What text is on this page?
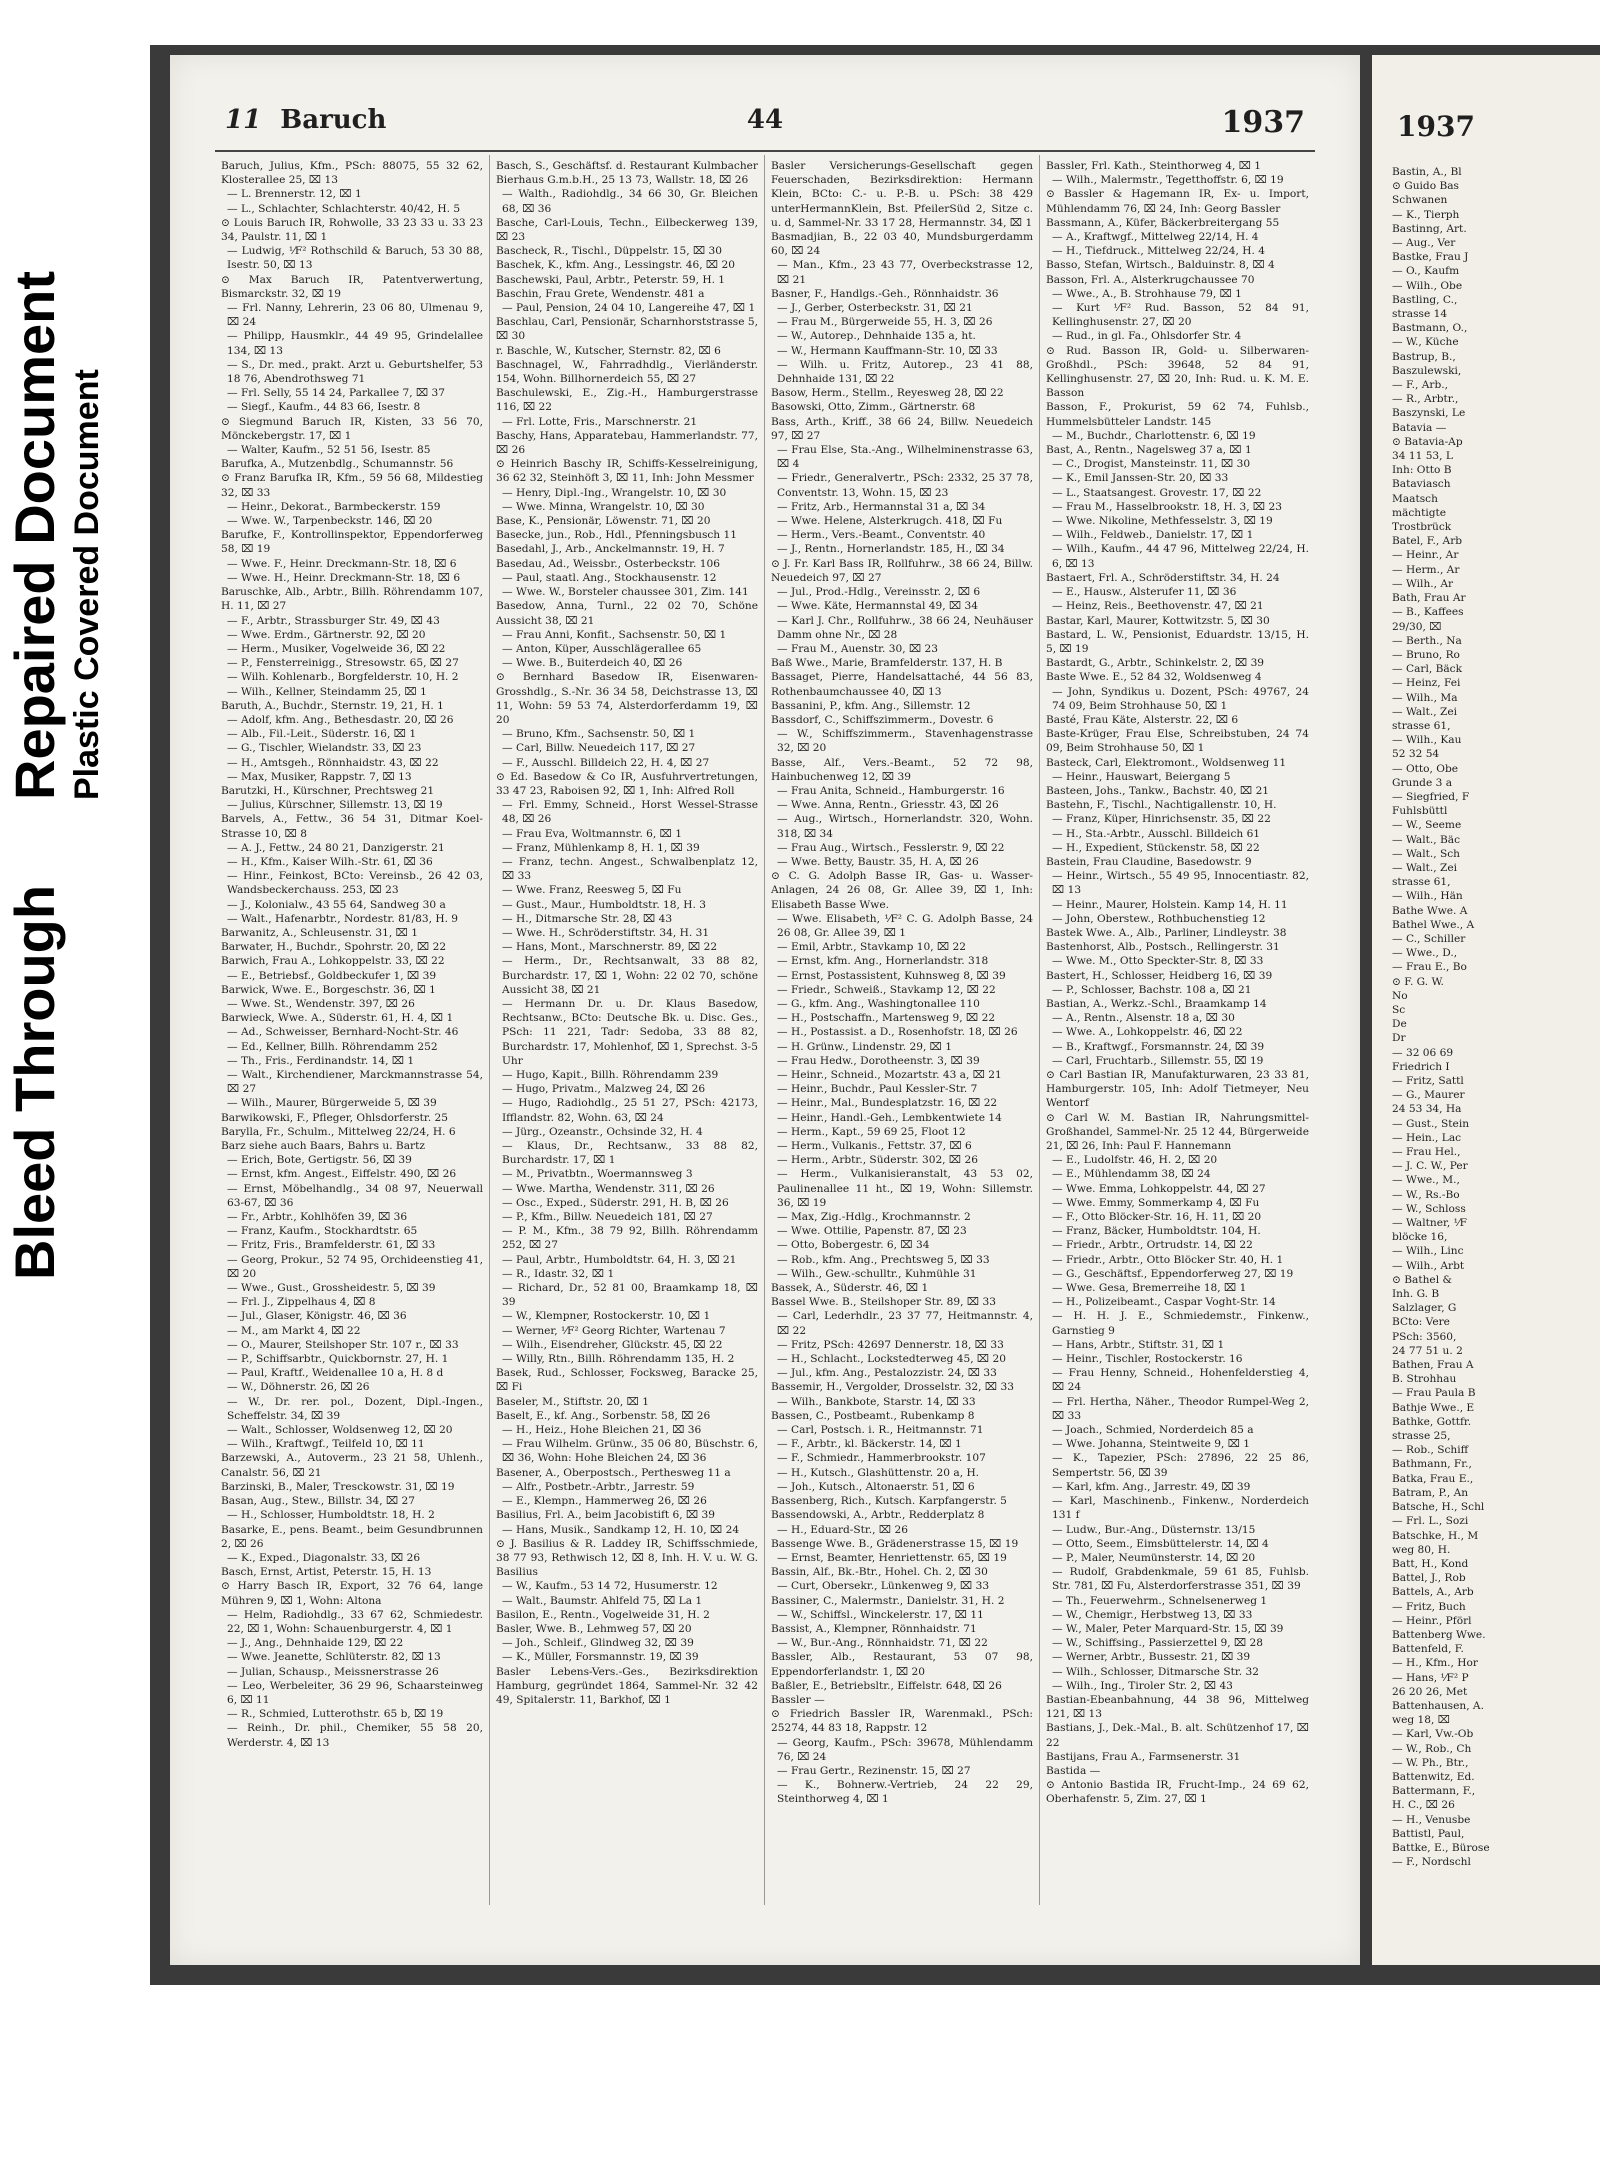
Bleed Through
Repaired Document Plastic Covered Document
11 Baruch	44	1937

Baruch, Julius, Kfm., PSch: 88075, 55 32 62, Klosterallee 25, ⌧ 13

— L. Brennerstr. 12, ⌧ 1

— L., Schlachter, Schlachterstr. 40/42, H. 5

⊙ Louis Baruch IR, Rohwolle, 33 23 33 u. 33 23 34, Paulstr. 11, ⌧ 1

— Ludwig, ⅟F² Rothschild & Baruch, 53 30 88, Isestr. 50, ⌧ 13

⊙ Max Baruch IR, Patentverwertung, Bismarckstr. 32, ⌧ 19

— Frl. Nanny, Lehrerin, 23 06 80, Ulmenau 9, ⌧ 24

— Philipp, Hausmklr., 44 49 95, Grindelallee 134, ⌧ 13

— S., Dr. med., prakt. Arzt u. Geburtshelfer, 53 18 76, Abendrothsweg 71

— Frl. Selly, 55 14 24, Parkallee 7, ⌧ 37

— Siegf., Kaufm., 44 83 66, Isestr. 8

⊙ Siegmund Baruch IR, Kisten, 33 56 70, Mönckebergstr. 17, ⌧ 1

— Walter, Kaufm., 52 51 56, Isestr. 85

Barufka, A., Mutzenbdlg., Schumannstr. 56

⊙ Franz Barufka IR, Kfm., 59 56 68, Mildestieg 32, ⌧ 33

— Heinr., Dekorat., Barmbeckerstr. 159

— Wwe. W., Tarpenbeckstr. 146, ⌧ 20

Barufke, F., Kontrollinspektor, Eppendorferweg 58, ⌧ 19

— Wwe. F., Heinr. Dreckmann-Str. 18, ⌧ 6

— Wwe. H., Heinr. Dreckmann-Str. 18, ⌧ 6

Baruschke, Alb., Arbtr., Billh. Röhrendamm 107, H. 11, ⌧ 27

— F., Arbtr., Strassburger Str. 49, ⌧ 43

— Wwe. Erdm., Gärtnerstr. 92, ⌧ 20

— Herm., Musiker, Vogelweide 36, ⌧ 22

— P., Fensterreinigg., Stresowstr. 65, ⌧ 27

— Wilh. Kohlenarb., Borgfelderstr. 10, H. 2

— Wilh., Kellner, Steindamm 25, ⌧ 1

Baruth, A., Buchdr., Sternstr. 19, 21, H. 1

— Adolf, kfm. Ang., Bethesdastr. 20, ⌧ 26

— Alb., Fil.-Leit., Süderstr. 16, ⌧ 1

— G., Tischler, Wielandstr. 33, ⌧ 23

— H., Amtsgeh., Rönnhaidstr. 43, ⌧ 22

— Max, Musiker, Rappstr. 7, ⌧ 13

Barutzki, H., Kürschner, Prechtsweg 21

— Julius, Kürschner, Sillemstr. 13, ⌧ 19

Barvels, A., Fettw., 36 54 31, Ditmar Koel-Strasse 10, ⌧ 8

— A. J., Fettw., 24 80 21, Danzigerstr. 21

— H., Kfm., Kaiser Wilh.-Str. 61, ⌧ 36

— Hinr., Feinkost, BCto: Vereinsb., 26 42 03, Wandsbeckerchauss. 253, ⌧ 23

— J., Kolonialw., 43 55 64, Sandweg 30 a

— Walt., Hafenarbtr., Nordestr. 81/83, H. 9

Barwanitz, A., Schleusenstr. 31, ⌧ 1

Barwater, H., Buchdr., Spohrstr. 20, ⌧ 22

Barwich, Frau A., Lohkoppelstr. 33, ⌧ 22

— E., Betriebsf., Goldbeckufer 1, ⌧ 39

Barwick, Wwe. E., Borgeschstr. 36, ⌧ 1

— Wwe. St., Wendenstr. 397, ⌧ 26

Barwieck, Wwe. A., Süderstr. 61, H. 4, ⌧ 1

— Ad., Schweisser, Bernhard-Nocht-Str. 46

— Ed., Kellner, Billh. Röhrendamm 252

— Th., Fris., Ferdinandstr. 14, ⌧ 1

— Walt., Kirchendiener, Marckmannstrasse 54, ⌧ 27

— Wilh., Maurer, Bürgerweide 5, ⌧ 39

Barwikowski, F., Pfleger, Ohlsdorferstr. 25

Barylla, Fr., Schulm., Mittelweg 22/24, H. 6

Barz siehe auch Baars, Bahrs u. Bartz

— Erich, Bote, Gertigstr. 56, ⌧ 39

— Ernst, kfm. Angest., Eiffelstr. 490, ⌧ 26

— Ernst, Möbelhandlg., 34 08 97, Neuerwall 63-67, ⌧ 36

— Fr., Arbtr., Kohlhöfen 39, ⌧ 36

— Franz, Kaufm., Stockhardtstr. 65

— Fritz, Fris., Bramfelderstr. 61, ⌧ 33

— Georg, Prokur., 52 74 95, Orchideenstieg 41, ⌧ 20

— Wwe., Gust., Grossheidestr. 5, ⌧ 39

— Frl. J., Zippelhaus 4, ⌧ 8

— Jul., Glaser, Königstr. 46, ⌧ 36

— M., am Markt 4, ⌧ 22

— O., Maurer, Steilshoper Str. 107 r., ⌧ 33

— P., Schiffsarbtr., Quickbornstr. 27, H. 1

— Paul, Kraftf., Weidenallee 10 a, H. 8 d

— W., Döhnerstr. 26, ⌧ 26

— W., Dr. rer. pol., Dozent, Dipl.-Ingen., Scheffelstr. 34, ⌧ 39

— Walt., Schlosser, Woldsenweg 12, ⌧ 20

— Wilh., Kraftwgf., Teilfeld 10, ⌧ 11

Barzewski, A., Autoverm., 23 21 58, Uhlenh., Canalstr. 56, ⌧ 21

Barzinski, B., Maler, Tresckowstr. 31, ⌧ 19

Basan, Aug., Stew., Billstr. 34, ⌧ 27

— H., Schlosser, Humboldtstr. 18, H. 2

Basarke, E., pens. Beamt., beim Gesundbrunnen 2, ⌧ 26

— K., Exped., Diagonalstr. 33, ⌧ 26

Basch, Ernst, Artist, Peterstr. 15, H. 13

⊙ Harry Basch IR, Export, 32 76 64, lange Mühren 9, ⌧ 1, Wohn: Altona

— Helm, Radiohdlg., 33 67 62, Schmiedestr. 22, ⌧ 1, Wohn: Schauenburgerstr. 4, ⌧ 1

— J., Ang., Dehnhaide 129, ⌧ 22

— Wwe. Jeanette, Schlüterstr. 82, ⌧ 13

— Julian, Schausp., Meissnerstrasse 26

— Leo, Werbeleiter, 36 29 96, Schaarsteinweg 6, ⌧ 11

— R., Schmied, Lutterothstr. 65 b, ⌧ 19

— Reinh., Dr. phil., Chemiker, 55 58 20, Werderstr. 4, ⌧ 13

Basch, S., Geschäftsf. d. Restaurant Kulmbacher Bierhaus G.m.b.H., 25 13 73, Wallstr. 18, ⌧ 26

— Walth., Radiohdlg., 34 66 30, Gr. Bleichen 68, ⌧ 36

Basche, Carl-Louis, Techn., Eilbeckerweg 139, ⌧ 23

Bascheck, R., Tischl., Düppelstr. 15, ⌧ 30

Baschek, K., kfm. Ang., Lessingstr. 46, ⌧ 20

Baschewski, Paul, Arbtr., Peterstr. 59, H. 1

Baschin, Frau Grete, Wendenstr. 481 a

— Paul, Pension, 24 04 10, Langereihe 47, ⌧ 1

Baschlau, Carl, Pensionär, Scharnhorststrasse 5, ⌧ 30

r. Baschle, W., Kutscher, Sternstr. 82, ⌧ 6

Baschnagel, W., Fahrradhdlg., Vierländerstr. 154, Wohn. Billhornerdeich 55, ⌧ 27

Baschulewski, E., Zig.-H., Hamburgerstrasse 116, ⌧ 22

— Frl. Lotte, Fris., Marschnerstr. 21

Baschy, Hans, Apparatebau, Hammerlandstr. 77, ⌧ 26

⊙ Heinrich Baschy IR, Schiffs-Kesselreinigung, 36 62 32, Steinhöft 3, ⌧ 11, Inh: John Messmer

— Henry, Dipl.-Ing., Wrangelstr. 10, ⌧ 30

— Wwe. Minna, Wrangelstr. 10, ⌧ 30

Base, K., Pensionär, Löwenstr. 71, ⌧ 20

Basecke, jun., Rob., Hdl., Pfenningsbusch 11

Basedahl, J., Arb., Anckelmannstr. 19, H. 7

Basedau, Ad., Weissbr., Osterbeckstr. 106

— Paul, staatl. Ang., Stockhausenstr. 12

— Wwe. W., Borsteler chaussee 301, Zim. 141

Basedow, Anna, Turnl., 22 02 70, Schöne Aussicht 38, ⌧ 21

— Frau Anni, Konfit., Sachsenstr. 50, ⌧ 1

— Anton, Küper, Ausschlägerallee 65

— Wwe. B., Buiterdeich 40, ⌧ 26

⊙ Bernhard Basedow IR, Eisenwaren-Grosshdlg., S.-Nr. 36 34 58, Deichstrasse 13, ⌧ 11, Wohn: 59 53 74, Alsterdorferdamm 19, ⌧ 20

— Bruno, Kfm., Sachsenstr. 50, ⌧ 1

— Carl, Billw. Neuedeich 117, ⌧ 27

— F., Ausschl. Billdeich 22, H. 4, ⌧ 27

⊙ Ed. Basedow & Co IR, Ausfuhrvertretungen, 33 47 23, Raboisen 92, ⌧ 1, Inh: Alfred Roll

— Frl. Emmy, Schneid., Horst Wessel-Strasse 48, ⌧ 26

— Frau Eva, Woltmannstr. 6, ⌧ 1

— Franz, Mühlenkamp 8, H. 1, ⌧ 39

— Franz, techn. Angest., Schwalbenplatz 12, ⌧ 33

— Wwe. Franz, Reesweg 5, ⌧ Fu

— Gust., Maur., Humboldtstr. 18, H. 3

— H., Ditmarsche Str. 28, ⌧ 43

— Wwe. H., Schröderstiftstr. 34, H. 31

— Hans, Mont., Marschnerstr. 89, ⌧ 22

— Herm., Dr., Rechtsanwalt, 33 88 82, Burchardstr. 17, ⌧ 1, Wohn: 22 02 70, schöne Aussicht 38, ⌧ 21

— Hermann Dr. u. Dr. Klaus Basedow, Rechtsanw., BCto: Deutsche Bk. u. Disc. Ges., PSch: 11 221, Tadr: Sedoba, 33 88 82, Burchardstr. 17, Mohlenhof, ⌧ 1, Sprechst. 3-5 Uhr

— Hugo, Kapit., Billh. Röhrendamm 239

— Hugo, Privatm., Malzweg 24, ⌧ 26

— Hugo, Radiohdlg., 25 51 27, PSch: 42173, Ifflandstr. 82, Wohn. 63, ⌧ 24

— Jürg., Ozeanstr., Ochsinde 32, H. 4

— Klaus, Dr., Rechtsanw., 33 88 82, Burchardstr. 17, ⌧ 1

— M., Privatbtn., Woermannsweg 3

— Wwe. Martha, Wendenstr. 311, ⌧ 26

— Osc., Exped., Süderstr. 291, H. B, ⌧ 26

— P., Kfm., Billw. Neuedeich 181, ⌧ 27

— P. M., Kfm., 38 79 92, Billh. Röhrendamm 252, ⌧ 27

— Paul, Arbtr., Humboldtstr. 64, H. 3, ⌧ 21

— R., Idastr. 32, ⌧ 1

— Richard, Dr., 52 81 00, Braamkamp 18, ⌧ 39

— W., Klempner, Rostockerstr. 10, ⌧ 1

— Werner, ⅟F² Georg Richter, Wartenau 7

— Wilh., Eisendreher, Glückstr. 45, ⌧ 22

— Willy, Rtn., Billh. Röhrendamm 135, H. 2

Basek, Rud., Schlosser, Focksweg, Baracke 25, ⌧ Fi

Baseler, M., Stiftstr. 20, ⌧ 1

Baselt, E., kf. Ang., Sorbenstr. 58, ⌧ 26

— H., Heiz., Hohe Bleichen 21, ⌧ 36

— Frau Wilhelm. Grünw., 35 06 80, Büschstr. 6, ⌧ 36, Wohn: Hohe Bleichen 24, ⌧ 36

Basener, A., Oberpostsch., Perthesweg 11 a

— Alfr., Postbetr.-Arbtr., Jarrestr. 59

— E., Klempn., Hammerweg 26, ⌧ 26

Basilius, Frl. A., beim Jacobistift 6, ⌧ 39

— Hans, Musik., Sandkamp 12, H. 10, ⌧ 24

⊙ J. Basilius & R. Laddey IR, Schiffsschmiede, 38 77 93, Rethwisch 12, ⌧ 8, Inh. H. V. u. W. G. Basilius

— W., Kaufm., 53 14 72, Husumerstr. 12

— Walt., Baumstr. Ahlfeld 75, ⌧ La 1

Basilon, E., Rentn., Vogelweide 31, H. 2

Basler, Wwe. B., Lehmweg 57, ⌧ 20

— Joh., Schleif., Glindweg 32, ⌧ 39

— K., Müller, Forsmannstr. 19, ⌧ 39

Basler Lebens-Vers.-Ges., Bezirksdirektion Hamburg, gegründet 1864, Sammel-Nr. 32 42 49, Spitalerstr. 11, Barkhof, ⌧ 1

Basler Versicherungs-Gesellschaft gegen Feuerschaden, Bezirksdirektion: Hermann Klein, BCto: C.- u. P.-B. u. PSch: 38 429 unterHermannKlein, Bst. PfeilerSüd 2, Sitze c. u. d, Sammel-Nr. 33 17 28, Hermannstr. 34, ⌧ 1

Basmadjian, B., 22 03 40, Mundsburgerdamm 60, ⌧ 24

— Man., Kfm., 23 43 77, Overbeckstrasse 12, ⌧ 21

Basner, F., Handlgs.-Geh., Rönnhaidstr. 36

— J., Gerber, Osterbeckstr. 31, ⌧ 21

— Frau M., Bürgerweide 55, H. 3, ⌧ 26

— W., Autorep., Dehnhaide 135 a, ht.

— W., Hermann Kauffmann-Str. 10, ⌧ 33

— Wilh. u. Fritz, Autorep., 23 41 88, Dehnhaide 131, ⌧ 22

Basow, Herm., Stellm., Reyesweg 28, ⌧ 22

Basowski, Otto, Zimm., Gärtnerstr. 68

Bass, Arth., Kriff., 38 66 24, Billw. Neuedeich 97, ⌧ 27

— Frau Else, Sta.-Ang., Wilhelminenstrasse 63, ⌧ 4

— Friedr., Generalvertr., PSch: 2332, 25 37 78, Conventstr. 13, Wohn. 15, ⌧ 23

— Fritz, Arb., Hermannstal 31 a, ⌧ 34

— Wwe. Helene, Alsterkrugch. 418, ⌧ Fu

— Herm., Vers.-Beamt., Conventstr. 40

— J., Rentn., Hornerlandstr. 185, H., ⌧ 34

⊙ J. Fr. Karl Bass IR, Rollfuhrw., 38 66 24, Billw. Neuedeich 97, ⌧ 27

— Jul., Prod.-Hdlg., Vereinsstr. 2, ⌧ 6

— Wwe. Käte, Hermannstal 49, ⌧ 34

— Karl J. Chr., Rollfuhrw., 38 66 24, Neuhäuser Damm ohne Nr., ⌧ 28

— Frau M., Auenstr. 30, ⌧ 23

Baß Wwe., Marie, Bramfelderstr. 137, H. B

Bassaget, Pierre, Handelsattaché, 44 56 83, Rothenbaumchaussee 40, ⌧ 13

Bassanini, P., kfm. Ang., Sillemstr. 12

Bassdorf, C., Schiffszimmerm., Dovestr. 6

— W., Schiffszimmerm., Stavenhagenstrasse 32, ⌧ 20

Basse, Alf., Vers.-Beamt., 52 72 98, Hainbuchenweg 12, ⌧ 39

— Frau Anita, Schneid., Hamburgerstr. 16

— Wwe. Anna, Rentn., Griesstr. 43, ⌧ 26

— Aug., Wirtsch., Hornerlandstr. 320, Wohn. 318, ⌧ 34

— Frau Aug., Wirtsch., Fesslerstr. 9, ⌧ 22

— Wwe. Betty, Baustr. 35, H. A, ⌧ 26

⊙ C. G. Adolph Basse IR, Gas- u. Wasser-Anlagen, 24 26 08, Gr. Allee 39, ⌧ 1, Inh: Elisabeth Basse Wwe.

— Wwe. Elisabeth, ⅟F² C. G. Adolph Basse, 24 26 08, Gr. Allee 39, ⌧ 1

— Emil, Arbtr., Stavkamp 10, ⌧ 22

— Ernst, kfm. Ang., Hornerlandstr. 318

— Ernst, Postassistent, Kuhnsweg 8, ⌧ 39

— Friedr., Schweiß., Stavkamp 12, ⌧ 22

— G., kfm. Ang., Washingtonallee 110

— H., Postschaffn., Martensweg 9, ⌧ 22

— H., Postassist. a D., Rosenhofstr. 18, ⌧ 26

— H. Grünw., Lindenstr. 29, ⌧ 1

— Frau Hedw., Dorotheenstr. 3, ⌧ 39

— Heinr., Schneid., Mozartstr. 43 a, ⌧ 21

— Heinr., Buchdr., Paul Kessler-Str. 7

— Heinr., Mal., Bundesplatzstr. 16, ⌧ 22

— Heinr., Handl.-Geh., Lembkentwiete 14

— Herm., Kapt., 59 69 25, Floot 12

— Herm., Vulkanis., Fettstr. 37, ⌧ 6

— Herm., Arbtr., Süderstr. 302, ⌧ 26

— Herm., Vulkanisieranstalt, 43 53 02, Paulinenallee 11 ht., ⌧ 19, Wohn: Sillemstr. 36, ⌧ 19

— Max, Zig.-Hdlg., Krochmannstr. 2

— Wwe. Ottilie, Papenstr. 87, ⌧ 23

— Otto, Bobergestr. 6, ⌧ 34

— Rob., kfm. Ang., Prechtsweg 5, ⌧ 33

— Wilh., Gew.-schulltr., Kuhmühle 31

Bassek, A., Süderstr. 46, ⌧ 1

Bassel Wwe. B., Steilshoper Str. 89, ⌧ 33

— Carl, Lederhdlr., 23 37 77, Heitmannstr. 4, ⌧ 22

— Fritz, PSch: 42697 Dennerstr. 18, ⌧ 33

— H., Schlacht., Lockstedterweg 45, ⌧ 20

— Jul., kfm. Ang., Pestalozzistr. 24, ⌧ 33

Bassemir, H., Vergolder, Drosselstr. 32, ⌧ 33

— Wilh., Bankbote, Starstr. 14, ⌧ 33

Bassen, C., Postbeamt., Rubenkamp 8

— Carl, Postsch. i. R., Heitmannstr. 71

— F., Arbtr., kl. Bäckerstr. 14, ⌧ 1

— F., Schmiedr., Hammerbrookstr. 107

— H., Kutsch., Glashüttenstr. 20 a, H.

— Joh., Kutsch., Altonaerstr. 51, ⌧ 6

Bassenberg, Rich., Kutsch. Karpfangerstr. 5

Bassendowski, A., Arbtr., Redderplatz 8

— H., Eduard-Str., ⌧ 26

Bassenge Wwe. B., Grädenerstrasse 15, ⌧ 19

— Ernst, Beamter, Henriettenstr. 65, ⌧ 19

Bassin, Alf., Bk.-Btr., Hohel. Ch. 2, ⌧ 30

— Curt, Obersekr., Lünkenweg 9, ⌧ 33

Bassiner, C., Malermstr., Danielstr. 31, H. 2

— W., Schiffsl., Winckelerstr. 17, ⌧ 11

Bassist, A., Klempner, Rönnhaidstr. 71

— W., Bur.-Ang., Rönnhaidstr. 71, ⌧ 22

Bassler, Alb., Restaurant, 53 07 98, Eppendorferlandstr. 1, ⌧ 20

Baßler, E., Betriebsltr., Eiffelstr. 648, ⌧ 26

Bassler —

⊙ Friedrich Bassler IR, Warenmakl., PSch: 25274, 44 83 18, Rappstr. 12

— Georg, Kaufm., PSch: 39678, Mühlendamm 76, ⌧ 24

— Frau Gertr., Rezinenstr. 15, ⌧ 27

— K., Bohnerw.-Vertrieb, 24 22 29, Steinthorweg 4, ⌧ 1

Bassler, Frl. Kath., Steinthorweg 4, ⌧ 1

— Wilh., Malermstr., Tegetthoffstr. 6, ⌧ 19

⊙ Bassler & Hagemann IR, Ex- u. Import, Mühlendamm 76, ⌧ 24, Inh: Georg Bassler

Bassmann, A., Küfer, Bäckerbreitergang 55

— A., Kraftwgf., Mittelweg 22/14, H. 4

— H., Tiefdruck., Mittelweg 22/24, H. 4

Basso, Stefan, Wirtsch., Balduinstr. 8, ⌧ 4

Basson, Frl. A., Alsterkrugchaussee 70

— Wwe., A., B. Strohhause 79, ⌧ 1

— Kurt ⅟F² Rud. Basson, 52 84 91, Kellinghusenstr. 27, ⌧ 20

— Rud., in gl. Fa., Ohlsdorfer Str. 4

⊙ Rud. Basson IR, Gold- u. Silberwaren-Großhdl., PSch: 39648, 52 84 91, Kellinghusenstr. 27, ⌧ 20, Inh: Rud. u. K. M. E. Basson

Basson, F., Prokurist, 59 62 74, Fuhlsb., Hummelsbütteler Landstr. 145

— M., Buchdr., Charlottenstr. 6, ⌧ 19

Bast, A., Rentn., Nagelsweg 37 a, ⌧ 1

— C., Drogist, Mansteinstr. 11, ⌧ 30

— K., Emil Janssen-Str. 20, ⌧ 33

— L., Staatsangest. Grovestr. 17, ⌧ 22

— Frau M., Hasselbrookstr. 18, H. 3, ⌧ 23

— Wwe. Nikoline, Methfesselstr. 3, ⌧ 19

— Wilh., Feldweb., Danielstr. 17, ⌧ 1

— Wilh., Kaufm., 44 47 96, Mittelweg 22/24, H. 6, ⌧ 13

Bastaert, Frl. A., Schröderstiftstr. 34, H. 24

— E., Hausw., Alsterufer 11, ⌧ 36

— Heinz, Reis., Beethovenstr. 47, ⌧ 21

Bastar, Karl, Maurer, Kottwitzstr. 5, ⌧ 30

Bastard, L. W., Pensionist, Eduardstr. 13/15, H. 5, ⌧ 19

Bastardt, G., Arbtr., Schinkelstr. 2, ⌧ 39

Baste Wwe. E., 52 84 32, Woldsenweg 4

— John, Syndikus u. Dozent, PSch: 49767, 24 74 09, Beim Strohhause 50, ⌧ 1

Basté, Frau Käte, Alsterstr. 22, ⌧ 6

Baste-Krüger, Frau Else, Schreibstuben, 24 74 09, Beim Strohhause 50, ⌧ 1

Basteck, Carl, Elektromont., Woldsenweg 11

— Heinr., Hauswart, Beiergang 5

Basteen, Johs., Tankw., Bachstr. 40, ⌧ 21

Bastehn, F., Tischl., Nachtigallenstr. 10, H.

— Franz, Küper, Hinrichsenstr. 35, ⌧ 22

— H., Sta.-Arbtr., Ausschl. Billdeich 61

— H., Expedient, Stückenstr. 58, ⌧ 22

Bastein, Frau Claudine, Basedowstr. 9

— Heinr., Wirtsch., 55 49 95, Innocentiastr. 82, ⌧ 13

— Heinr., Maurer, Holstein. Kamp 14, H. 11

— John, Oberstew., Rothbuchenstieg 12

Bastek Wwe. A., Alb., Parliner, Lindleystr. 38

Bastenhorst, Alb., Postsch., Rellingerstr. 31

— Wwe. M., Otto Speckter-Str. 8, ⌧ 33

Bastert, H., Schlosser, Heidberg 16, ⌧ 39

— P., Schlosser, Bachstr. 108 a, ⌧ 21

Bastian, A., Werkz.-Schl., Braamkamp 14

— A., Rentn., Alsenstr. 18 a, ⌧ 30

— Wwe. A., Lohkoppelstr. 46, ⌧ 22

— B., Kraftwgf., Forsmannstr. 24, ⌧ 39

— Carl, Fruchtarb., Sillemstr. 55, ⌧ 19

⊙ Carl Bastian IR, Manufakturwaren, 23 33 81, Hamburgerstr. 105, Inh: Adolf Tietmeyer, Neu Wentorf

⊙ Carl W. M. Bastian IR, Nahrungsmittel-Großhandel, Sammel-Nr. 25 12 44, Bürgerweide 21, ⌧ 26, Inh: Paul F. Hannemann

— E., Ludolfstr. 46, H. 2, ⌧ 20

— E., Mühlendamm 38, ⌧ 24

— Wwe. Emma, Lohkoppelstr. 44, ⌧ 27

— Wwe. Emmy, Sommerkamp 4, ⌧ Fu

— F., Otto Blöcker-Str. 16, H. 11, ⌧ 20

— Franz, Bäcker, Humboldtstr. 104, H.

— Friedr., Arbtr., Ortrudstr. 14, ⌧ 22

— Friedr., Arbtr., Otto Blöcker Str. 40, H. 1

— G., Geschäftsf., Eppendorferweg 27, ⌧ 19

— Wwe. Gesa, Bremerreihe 18, ⌧ 1

— H., Polizeibeamt., Caspar Voght-Str. 14

— H. H. J. E., Schmiedemstr., Finkenw., Garnstieg 9

— Hans, Arbtr., Stiftstr. 31, ⌧ 1

— Heinr., Tischler, Rostockerstr. 16

— Frau Henny, Schneid., Hohenfelderstieg 4, ⌧ 24

— Frl. Hertha, Näher., Theodor Rumpel-Weg 2, ⌧ 33

— Joach., Schmied, Norderdeich 85 a

— Wwe. Johanna, Steintweite 9, ⌧ 1

— K., Tapezier, PSch: 27896, 22 25 86, Sempertstr. 56, ⌧ 39

— Karl, kfm. Ang., Jarrestr. 49, ⌧ 39

— Karl, Maschinenb., Finkenw., Norderdeich 131 f

— Ludw., Bur.-Ang., Düsternstr. 13/15

— Otto, Seem., Eimsbüttelerstr. 14, ⌧ 4

— P., Maler, Neumünsterstr. 14, ⌧ 20

— Rudolf, Grabdenkmale, 59 61 85, Fuhlsb. Str. 781, ⌧ Fu, Alsterdorferstrasse 351, ⌧ 39

— Th., Feuerwehrm., Schnelsenerweg 1

— W., Chemigr., Herbstweg 13, ⌧ 33

— W., Maler, Peter Marquard-Str. 15, ⌧ 39

— W., Schiffsing., Passierzettel 9, ⌧ 28

— Werner, Arbtr., Bussestr. 21, ⌧ 39

— Wilh., Schlosser, Ditmarsche Str. 32

— Wilh., Ing., Tiroler Str. 2, ⌧ 43

Bastian-Ebeanbahnung, 44 38 96, Mittelweg 121, ⌧ 13

Bastians, J., Dek.-Mal., B. alt. Schützenhof 17, ⌧ 22

Bastijans, Frau A., Farmsenerstr. 31

Bastida —

⊙ Antonio Bastida IR, Frucht-Imp., 24 69 62, Oberhafenstr. 5, Zim. 27, ⌧ 1

1937
Bastin, A., Bl
⊙ Guido Bas
Schwanen
— K., Tierph
Bastinng, Art.
— Aug., Ver
Bastke, Frau J
— O., Kaufm
— Wilh., Obe
Bastling, C.,
strasse 14
Bastmann, O.,
— W., Küche
Bastrup, B.,
Baszulewski,
— F., Arb.,
— R., Arbtr.,
Baszynski, Le
Batavia —
⊙ Batavia-Ap
34 11 53, L
Inh: Otto B
Bataviasch
Maatsch
mächtigte
Trostbrück
Batel, F., Arb
— Heinr., Ar
— Herm., Ar
— Wilh., Ar
Bath, Frau Ar
— B., Kaffees
29/30, ⌧
— Berth., Na
— Bruno, Ro
— Carl, Bäck
— Heinz, Fei
— Wilh., Ma
— Walt., Zei
strasse 61,
— Wilh., Kau
52 32 54
— Otto, Obe
Grunde 3 a
— Siegfried, F
Fuhlsbüttl
— W., Seeme
— Walt., Bäc
— Walt., Sch
— Walt., Zei
strasse 61,
— Wilh., Hän
Bathe Wwe. A
Bathel Wwe., A
— C., Schiller
— Wwe., D.,
— Frau E., Bo
⊙ F. G. W.
No
Sc
De
Dr
— 32 06 69
Friedrich I
— Fritz, Sattl
— G., Maurer
24 53 34, Ha
— Gust., Stein
— Hein., Lac
— Frau Hel.,
— J. C. W., Per
— Wwe., M.,
— W., Rs.-Bo
— W., Schloss
— Waltner, ⅟F
blöcke 16,
— Wilh., Linc
— Wilh., Arbt
⊙ Bathel &
Inh. G. B
Salzlager, G
BCto: Vere
PSch: 3560,
24 77 51 u. 2
Bathen, Frau A
B. Strohhau
— Frau Paula B
Bathje Wwe., E
Bathke, Gottfr.
strasse 25,
— Rob., Schiff
Bathmann, Fr.,
Batka, Frau E.,
Batram, P., An
Batsche, H., Schl
— Frl. L., Sozi
Batschke, H., M
weg 80, H.
Batt, H., Kond
Battel, J., Rob
Battels, A., Arb
— Fritz, Buch
— Heinr., Pförl
Battenberg Wwe.
Battenfeld, F.
— H., Kfm., Hor
— Hans, ⅟F² P
26 20 26, Met
Battenhausen, A.
weg 18, ⌧
— Karl, Vw.-Ob
— W., Rob., Ch
— W. Ph., Btr.,
Battenwitz, Ed.
Battermann, F.,
H. C., ⌧ 26
— H., Venusbe
Battistl, Paul,
Battke, E., Bürose
— F., Nordschl
